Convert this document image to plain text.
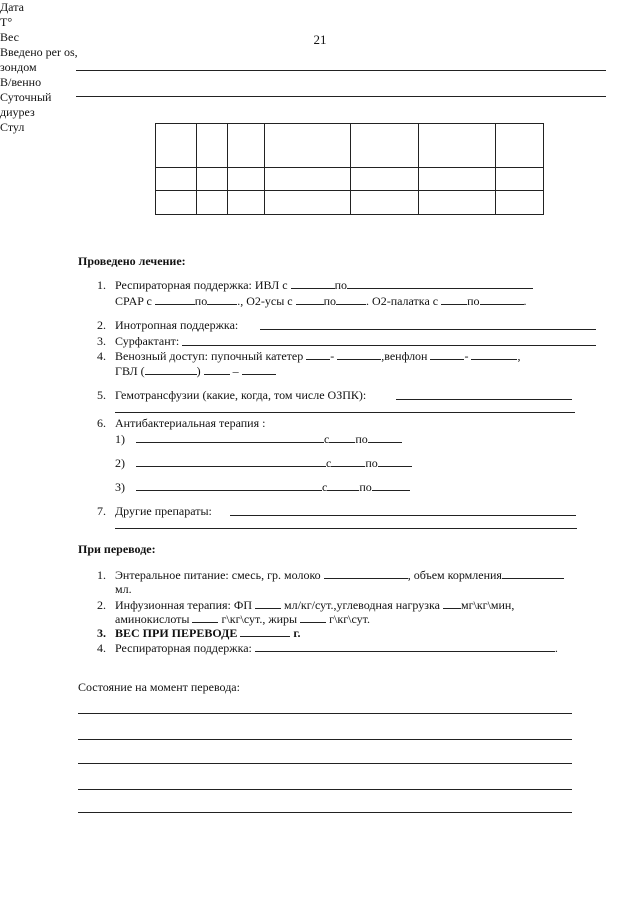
21
Дата
T°
Вес
Введено per os, зондом
В/венно
Суточный диурез
Стул
Проведено лечение:
1. Респираторная поддержка: ИВЛ с	по
CPAP с	по	., O2-усы с	по	. O2-палатка с по	.
2. Инотропная поддержка:
3. Сурфактант:
4. Венозный доступ: пупочный катетер -	,венфлон	-	,
ГВЛ (	)	–
5. Гемотрансфузии (какие, когда, том числе ОЗПК):
6. Антибактериальная терапия :
1)	с по
2)	с	по
3)	с	по
7. Другие препараты:
При переводе:
1. Энтеральное питание: смесь, гр. молоко	, объем кормления
мл.
2. Инфузионная терапия: ФП	мл/кг/сут.,углеводная нагрузка мг\кг\мин,
аминокислоты	г\кг\сут., жиры	г\кг\сут.
3. ВЕС ПРИ ПЕРЕВОДЕ	г.
4. Респираторная поддержка:	.
Состояние на момент перевода:
